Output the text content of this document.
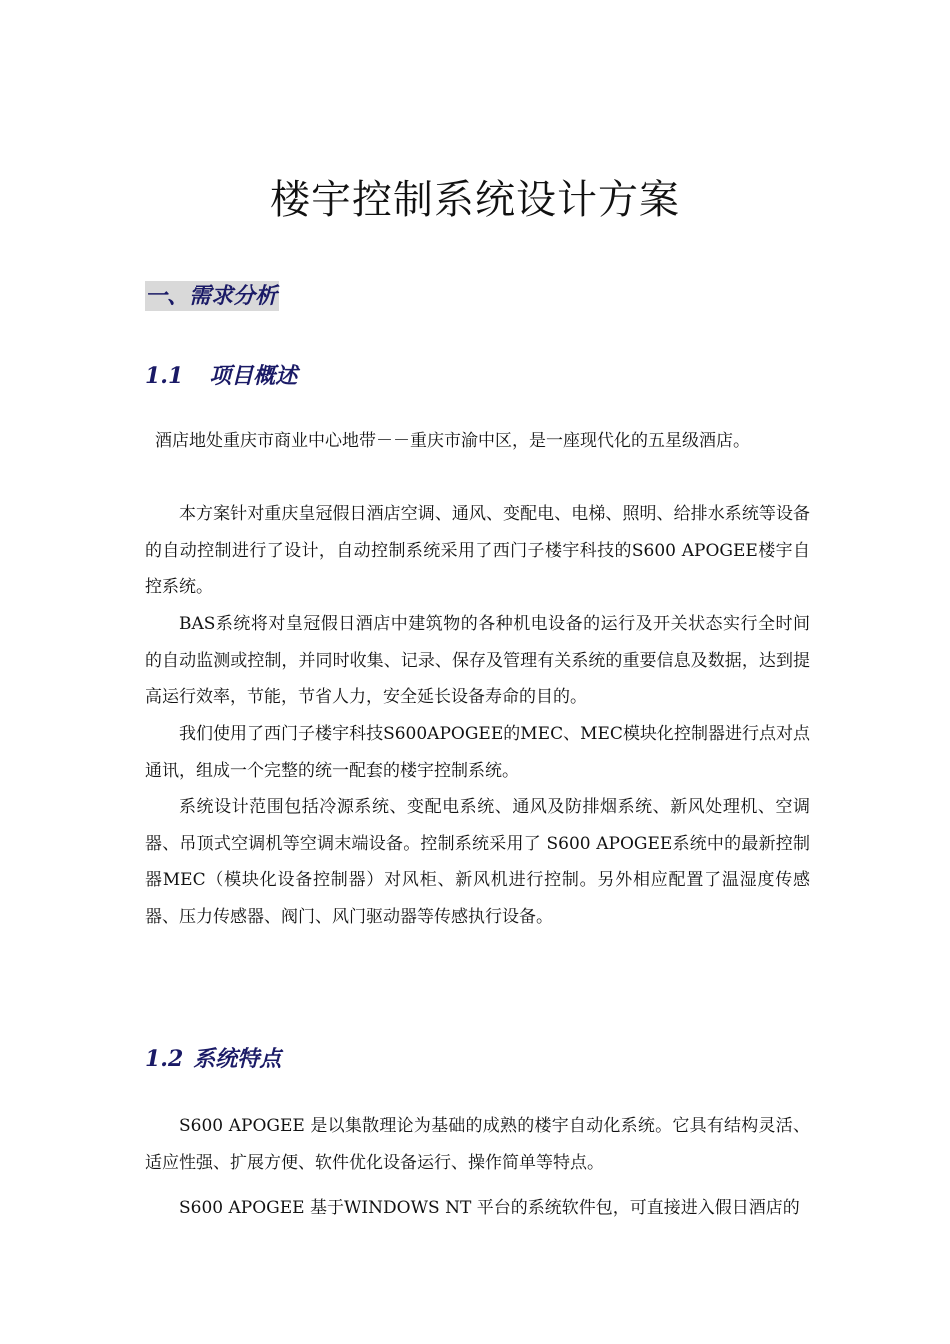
楼宇控制系统设计方案
一、需求分析
1.1 项目概述

酒店地处重庆市商业中心地带－－重庆市渝中区，是一座现代化的五星级酒店。

本方案针对重庆皇冠假日酒店空调、通风、变配电、电梯、照明、给排水系统等设备的自动控制进行了设计，自动控制系统采用了西门子楼宇科技的S600 APOGEE楼宇自控系统。

BAS系统将对皇冠假日酒店中建筑物的各种机电设备的运行及开关状态实行全时间的自动监测或控制，并同时收集、记录、保存及管理有关系统的重要信息及数据，达到提高运行效率，节能，节省人力，安全延长设备寿命的目的。

我们使用了西门子楼宇科技S600APOGEE的MEC、MEC模块化控制器进行点对点通讯，组成一个完整的统一配套的楼宇控制系统。

系统设计范围包括冷源系统、变配电系统、通风及防排烟系统、新风处理机、空调器、吊顶式空调机等空调末端设备。控制系统采用了 S600 APOGEE系统中的最新控制器MEC（模块化设备控制器）对风柜、新风机进行控制。另外相应配置了温湿度传感器、压力传感器、阀门、风门驱动器等传感执行设备。

1.2 系统特点

S600 APOGEE 是以集散理论为基础的成熟的楼宇自动化系统。它具有结构灵活、适应性强、扩展方便、软件优化设备运行、操作简单等特点。

S600 APOGEE 基于WINDOWS NT 平台的系统软件包，可直接进入假日酒店的
